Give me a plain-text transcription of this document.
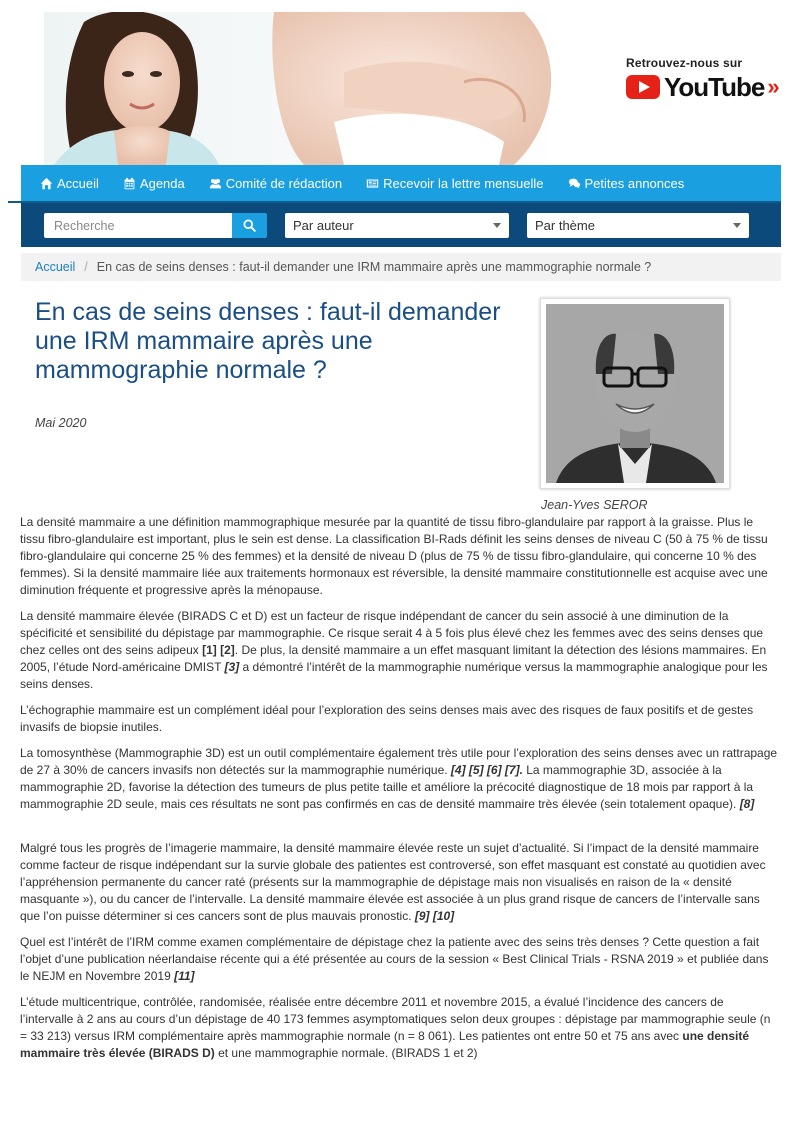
Retrouvez-nous sur
YouTube »
Accueil	Agenda	Comité de rédaction	Recevoir la lettre mensuelle	Petites annonces
Recherche
Par auteur	Par thème
Accueil / En cas de seins denses : faut-il demander une IRM mammaire après une mammographie normale ?
En cas de seins denses : faut-il demander une IRM mammaire après une mammographie normale ?
Mai 2020
Jean-Yves SEROR

La densité mammaire a une définition mammographique mesurée par la quantité de tissu fibro-glandulaire par rapport à la graisse. Plus le tissu fibro-glandulaire est important, plus le sein est dense. La classification BI-Rads définit les seins denses de niveau C (50 à 75 % de tissu fibro-glandulaire qui concerne 25 % des femmes) et la densité de niveau D (plus de 75 % de tissu fibro-glandulaire, qui concerne 10 % des femmes). Si la densité mammaire liée aux traitements hormonaux est réversible, la densité mammaire constitutionnelle est acquise avec une diminution fréquente et progressive après la ménopause.

La densité mammaire élevée (BIRADS C et D) est un facteur de risque indépendant de cancer du sein associé à une diminution de la spécificité et sensibilité du dépistage par mammographie. Ce risque serait 4 à 5 fois plus élevé chez les femmes avec des seins denses que chez celles ont des seins adipeux [1] [2]. De plus, la densité mammaire a un effet masquant limitant la détection des lésions mammaires. En 2005, l’étude Nord-américaine DMIST [3] a démontré l’intérêt de la mammographie numérique versus la mammographie analogique pour les seins denses.

L’échographie mammaire est un complément idéal pour l’exploration des seins denses mais avec des risques de faux positifs et de gestes invasifs de biopsie inutiles.

La tomosynthèse (Mammographie 3D) est un outil complémentaire également très utile pour l’exploration des seins denses avec un rattrapage de 27 à 30% de cancers invasifs non détectés sur la mammographie numérique. [4] [5] [6] [7]. La mammographie 3D, associée à la mammographie 2D, favorise la détection des tumeurs de plus petite taille et améliore la précocité diagnostique de 18 mois par rapport à la mammographie 2D seule, mais ces résultats ne sont pas confirmés en cas de densité mammaire très élevée (sein totalement opaque). [8]

Malgré tous les progrès de l’imagerie mammaire, la densité mammaire élevée reste un sujet d’actualité. Si l’impact de la densité mammaire comme facteur de risque indépendant sur la survie globale des patientes est controversé, son effet masquant est constaté au quotidien avec l’appréhension permanente du cancer raté (présents sur la mammographie de dépistage mais non visualisés en raison de la « densité masquante »), ou du cancer de l’intervalle. La densité mammaire élevée est associée à un plus grand risque de cancers de l’intervalle sans que l’on puisse déterminer si ces cancers sont de plus mauvais pronostic. [9] [10]

Quel est l’intérêt de l’IRM comme examen complémentaire de dépistage chez la patiente avec des seins très denses ? Cette question a fait l’objet d’une publication néerlandaise récente qui a été présentée au cours de la session « Best Clinical Trials - RSNA 2019 » et publiée dans le NEJM en Novembre 2019 [11]

L’étude multicentrique, contrôlée, randomisée, réalisée entre décembre 2011 et novembre 2015, a évalué l’incidence des cancers de l’intervalle à 2 ans au cours d’un dépistage de 40 173 femmes asymptomatiques selon deux groupes : dépistage par mammographie seule (n = 33 213) versus IRM complémentaire après mammographie normale (n = 8 061). Les patientes ont entre 50 et 75 ans avec une densité mammaire très élevée (BIRADS D) et une mammographie normale. (BIRADS 1 et 2)
